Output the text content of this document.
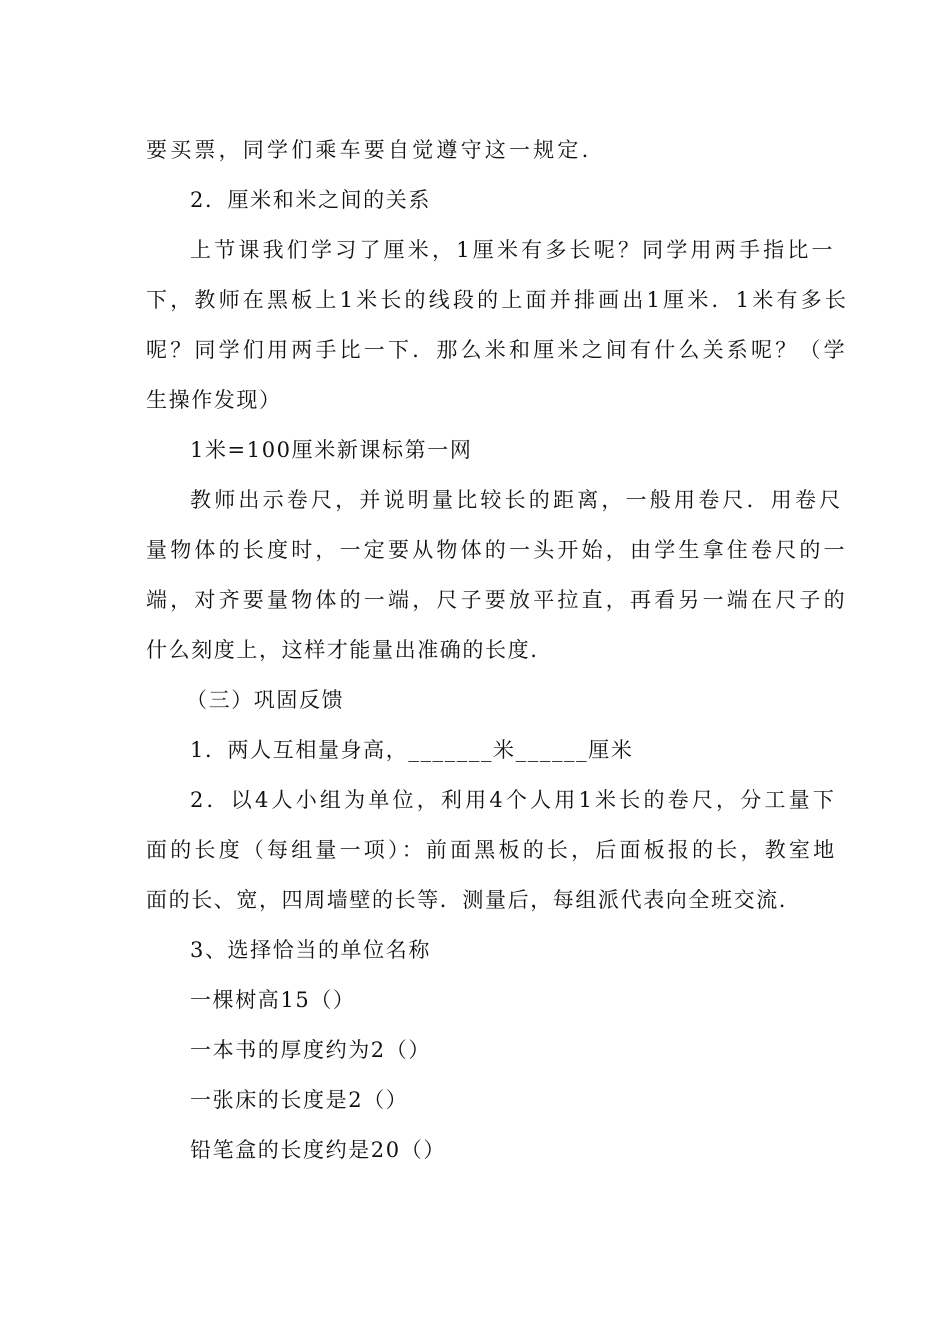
要买票，同学们乘车要自觉遵守这一规定.
2．厘米和米之间的关系
上节课我们学习了厘米，1厘米有多长呢？同学用两手指比一
下，教师在黑板上1米长的线段的上面并排画出1厘米．1米有多长
呢？同学们用两手比一下．那么米和厘米之间有什么关系呢？（学
生操作发现）
1米=100厘米新课标第一网
教师出示卷尺，并说明量比较长的距离，一般用卷尺．用卷尺
量物体的长度时，一定要从物体的一头开始，由学生拿住卷尺的一
端，对齐要量物体的一端，尺子要放平拉直，再看另一端在尺子的
什么刻度上，这样才能量出准确的长度.
（三）巩固反馈
1．两人互相量身高，_______米______厘米
2．以4人小组为单位，利用4个人用1米长的卷尺，分工量下
面的长度（每组量一项）：前面黑板的长，后面板报的长，教室地
面的长、宽，四周墙壁的长等．测量后，每组派代表向全班交流.
3、选择恰当的单位名称
一棵树高15（）
一本书的厚度约为2（）
一张床的长度是2（）
铅笔盒的长度约是20（）
